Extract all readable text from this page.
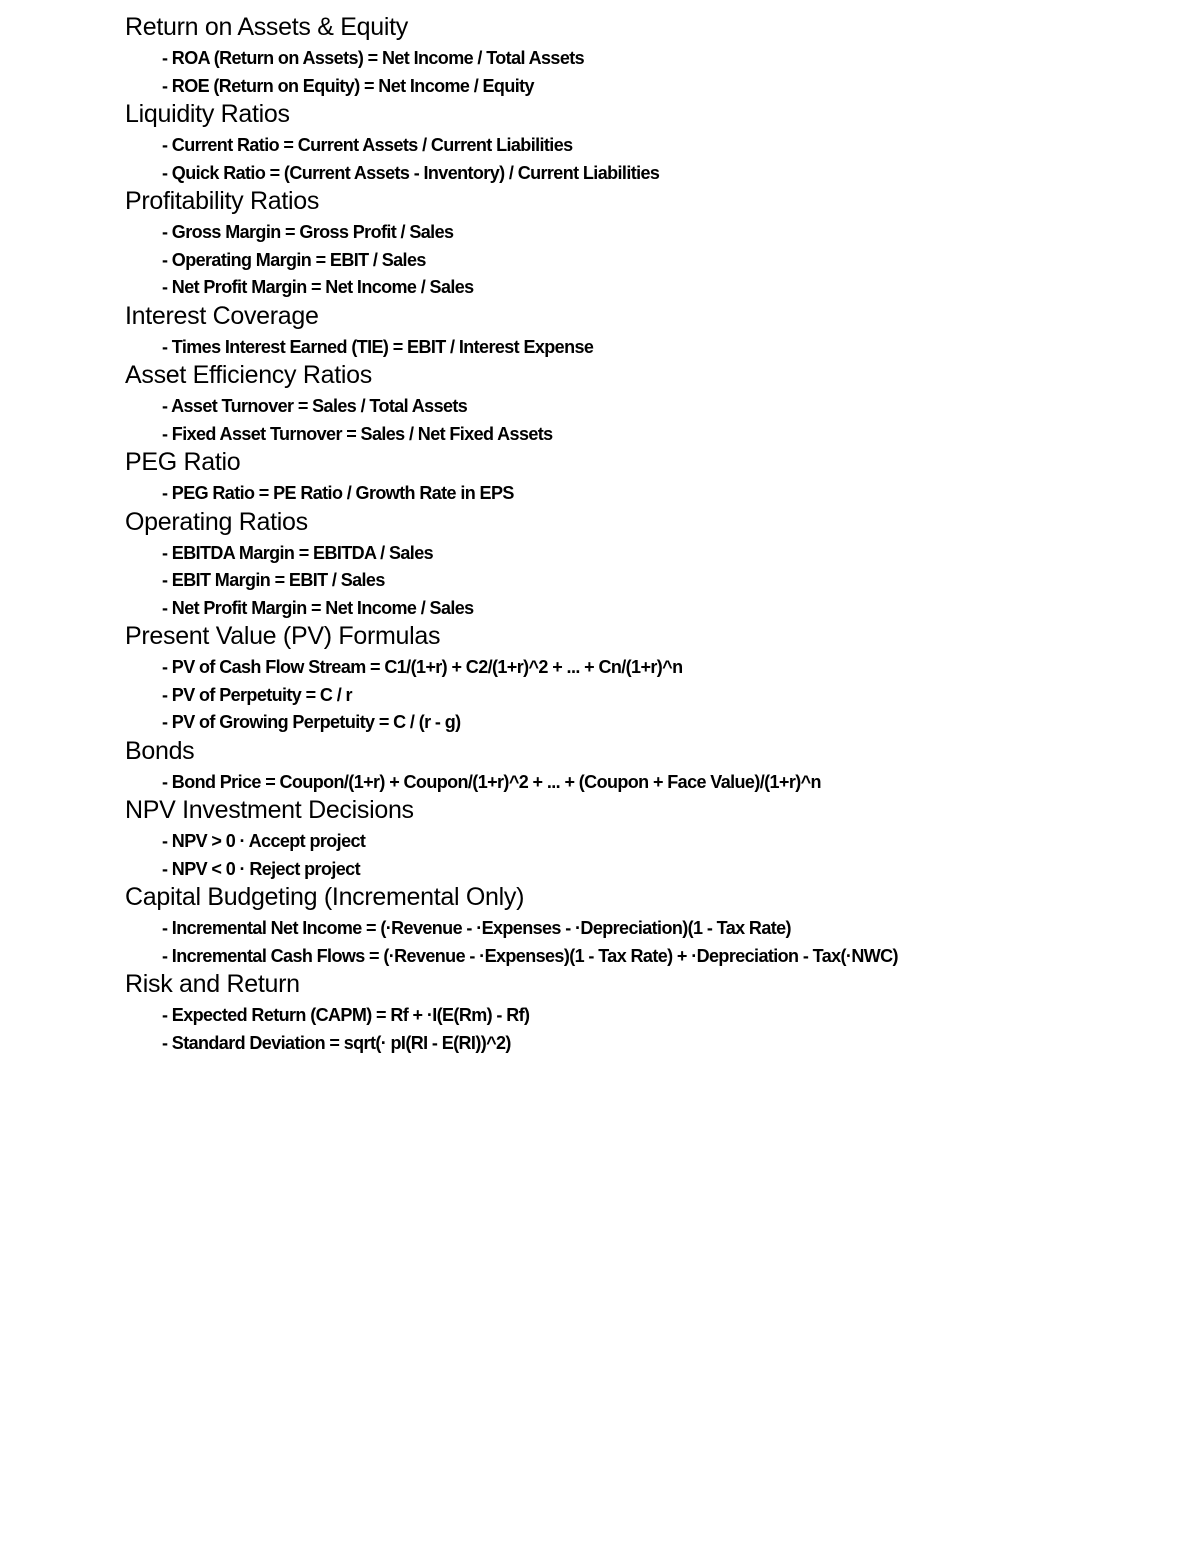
Return on Assets & Equity
- ROA (Return on Assets) = Net Income / Total Assets
- ROE (Return on Equity) = Net Income / Equity
Liquidity Ratios
- Current Ratio = Current Assets / Current Liabilities
- Quick Ratio = (Current Assets - Inventory) / Current Liabilities
Profitability Ratios
- Gross Margin = Gross Profit / Sales
- Operating Margin = EBIT / Sales
- Net Profit Margin = Net Income / Sales
Interest Coverage
- Times Interest Earned (TIE) = EBIT / Interest Expense
Asset Efficiency Ratios
- Asset Turnover = Sales / Total Assets
- Fixed Asset Turnover = Sales / Net Fixed Assets
PEG Ratio
- PEG Ratio = PE Ratio / Growth Rate in EPS
Operating Ratios
- EBITDA Margin = EBITDA / Sales
- EBIT Margin = EBIT / Sales
- Net Profit Margin = Net Income / Sales
Present Value (PV) Formulas
- PV of Cash Flow Stream = C1/(1+r) + C2/(1+r)^2 + ... + Cn/(1+r)^n
- PV of Perpetuity = C / r
- PV of Growing Perpetuity = C / (r - g)
Bonds
- Bond Price = Coupon/(1+r) + Coupon/(1+r)^2 + ... + (Coupon + Face Value)/(1+r)^n
NPV Investment Decisions
- NPV > 0 · Accept project
- NPV < 0 · Reject project
Capital Budgeting (Incremental Only)
- Incremental Net Income = (·Revenue - ·Expenses - ·Depreciation)(1 - Tax Rate)
- Incremental Cash Flows = (·Revenue - ·Expenses)(1 - Tax Rate) + ·Depreciation - Tax(·NWC)
Risk and Return
- Expected Return (CAPM) = Rf + ·I(E(Rm) - Rf)
- Standard Deviation = sqrt(· pI(RI - E(RI))^2)
